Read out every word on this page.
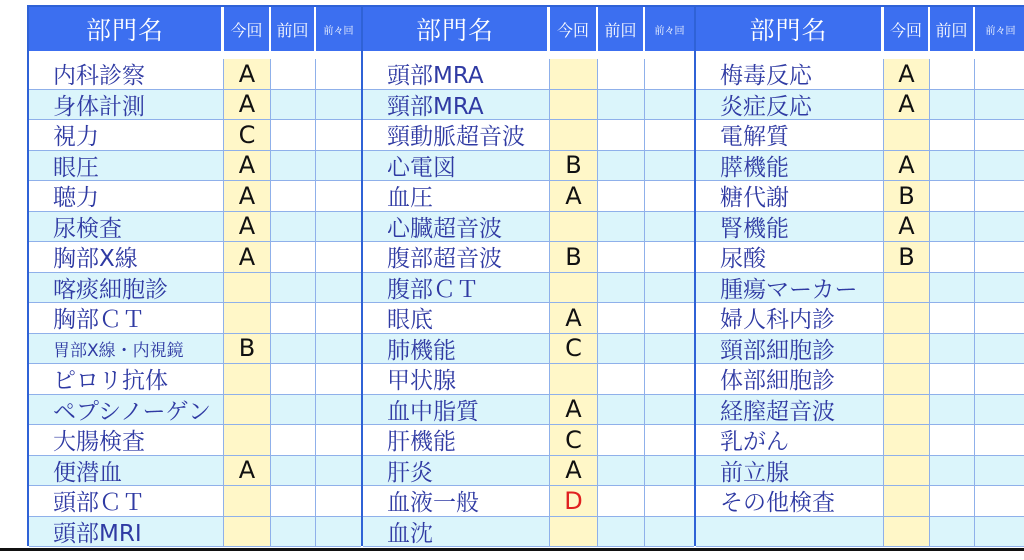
部門名	今回 前回	前々回
内科診察	A
身体計測	A
視力	C
眼圧	A
聴力	A
尿検査	A
胸部X線	A
喀痰細胞診
胸部ＣＴ
胃部X線・内視鏡	B
ピロリ抗体
ペプシノーゲン
大腸検査
便潜血	A
頭部ＣＴ
頭部MRI
部門名	今回 前回	前々回
頭部MRA
頸部MRA
頸動脈超音波
心電図	B
血圧	A
心臓超音波
腹部超音波	B
腹部ＣＴ
眼底	A
肺機能	C
甲状腺
血中脂質	A
肝機能	C
肝炎	A
血液一般	D
血沈
部門名	今回 前回	前々回
梅毒反応	A
炎症反応	A
電解質
膵機能	A
糖代謝	B
腎機能	A
尿酸	B
腫瘍マーカー
婦人科内診
頸部細胞診
体部細胞診
経膣超音波
乳がん
前立腺
その他検査
